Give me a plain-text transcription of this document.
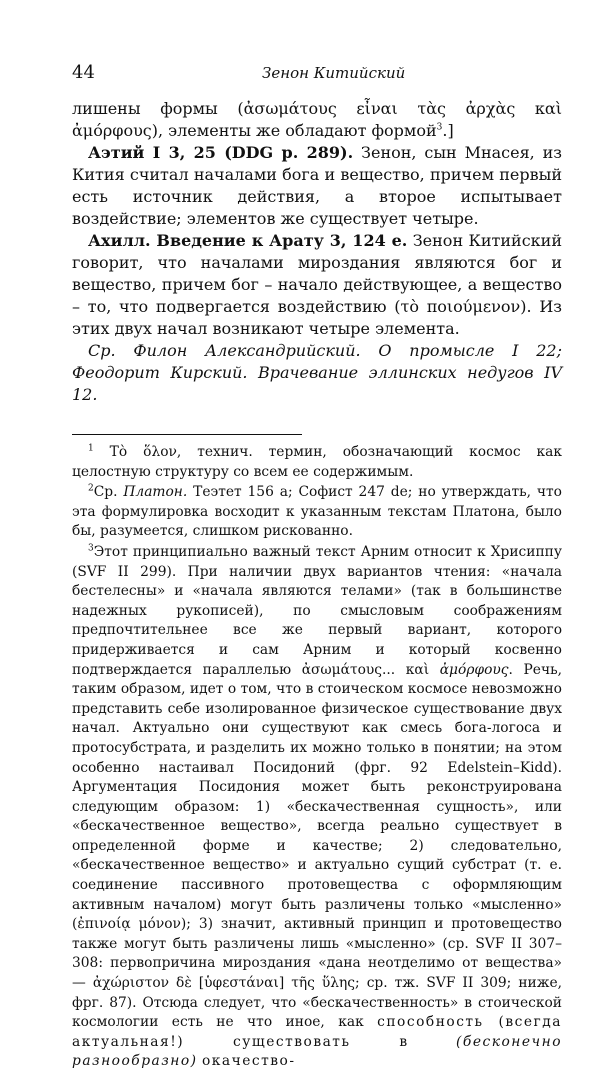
44	Зенон Китийский

лишены формы (ἀσωμάτους εἶναι τὰς ἀρχὰς καὶ ἀμόρφους), элементы же обладают формой$^3$.]

Аэтий I 3, 25 (DDG p. 289). Зенон, сын Мнасея, из Кития считал началами бога и вещество, причем первый есть источник действия, а второе испытывает воздействие; элементов же существует четыре.

Ахилл. Введение к Арату 3, 124 е. Зенон Китийский говорит, что началами мироздания являются бог и вещество, причем бог – начало действующее, а вещество – то, что подвергается воздействию (τὸ ποιούμενον). Из этих двух начал возникают четыре элемента.

Ср. Филон Александрийский. О промысле I 22; Феодорит Кирский. Врачевание эллинских недугов IV 12.

$^1$ Τὸ ὅλον, технич. термин, обозначающий космос как целостную структуру со всем ее содержимым.

$^2$Ср. Платон. Теэтет 156 а; Софист 247 de; но утверждать, что эта формулировка восходит к указанным текстам Платона, было бы, разумеется, слишком рискованно.

$^3$Этот принципиально важный текст Арним относит к Хрисиппу (SVF II 299). При наличии двух вариантов чтения: «начала бестелесны» и «начала являются телами» (так в большинстве надежных рукописей), по смысловым соображениям предпочтительнее все же первый вариант, которого придерживается и сам Арним и который косвенно подтверждается параллелью ἀσωμάτους... καὶ ἀμόρφους. Речь, таким образом, идет о том, что в стоическом космосе невозможно представить себе изолированное физическое существование двух начал. Актуально они существуют как смесь бога-логоса и протосубстрата, и разделить их можно только в понятии; на этом особенно настаивал Посидоний (фрг. 92 Edelstein–Kidd). Аргументация Посидония может быть реконструирована следующим образом: 1) «бескачественная сущность», или «бескачественное вещество», всегда реально существует в определенной форме и качестве; 2) следовательно, «бескачественное вещество» и актуально сущий субстрат (т. е. соединение пассивного протовещества с оформляющим активным началом) могут быть различены только «мысленно» (ἐπινοίᾳ μόνον); 3) значит, активный принцип и протовещество также могут быть различены лишь «мысленно» (ср. SVF II 307–308: первопричина мироздания «дана неотделимо от вещества» — ἀχώριστον δὲ [ὑφεστάναι] τῆς ὕλης; ср. тж. SVF II 309; ниже, фрг. 87). Отсюда следует, что «бескачественность» в стоической космологии есть не что иное, как способность (всегда актуальная!) существовать в	(бесконечно разнообразно) окачество-
